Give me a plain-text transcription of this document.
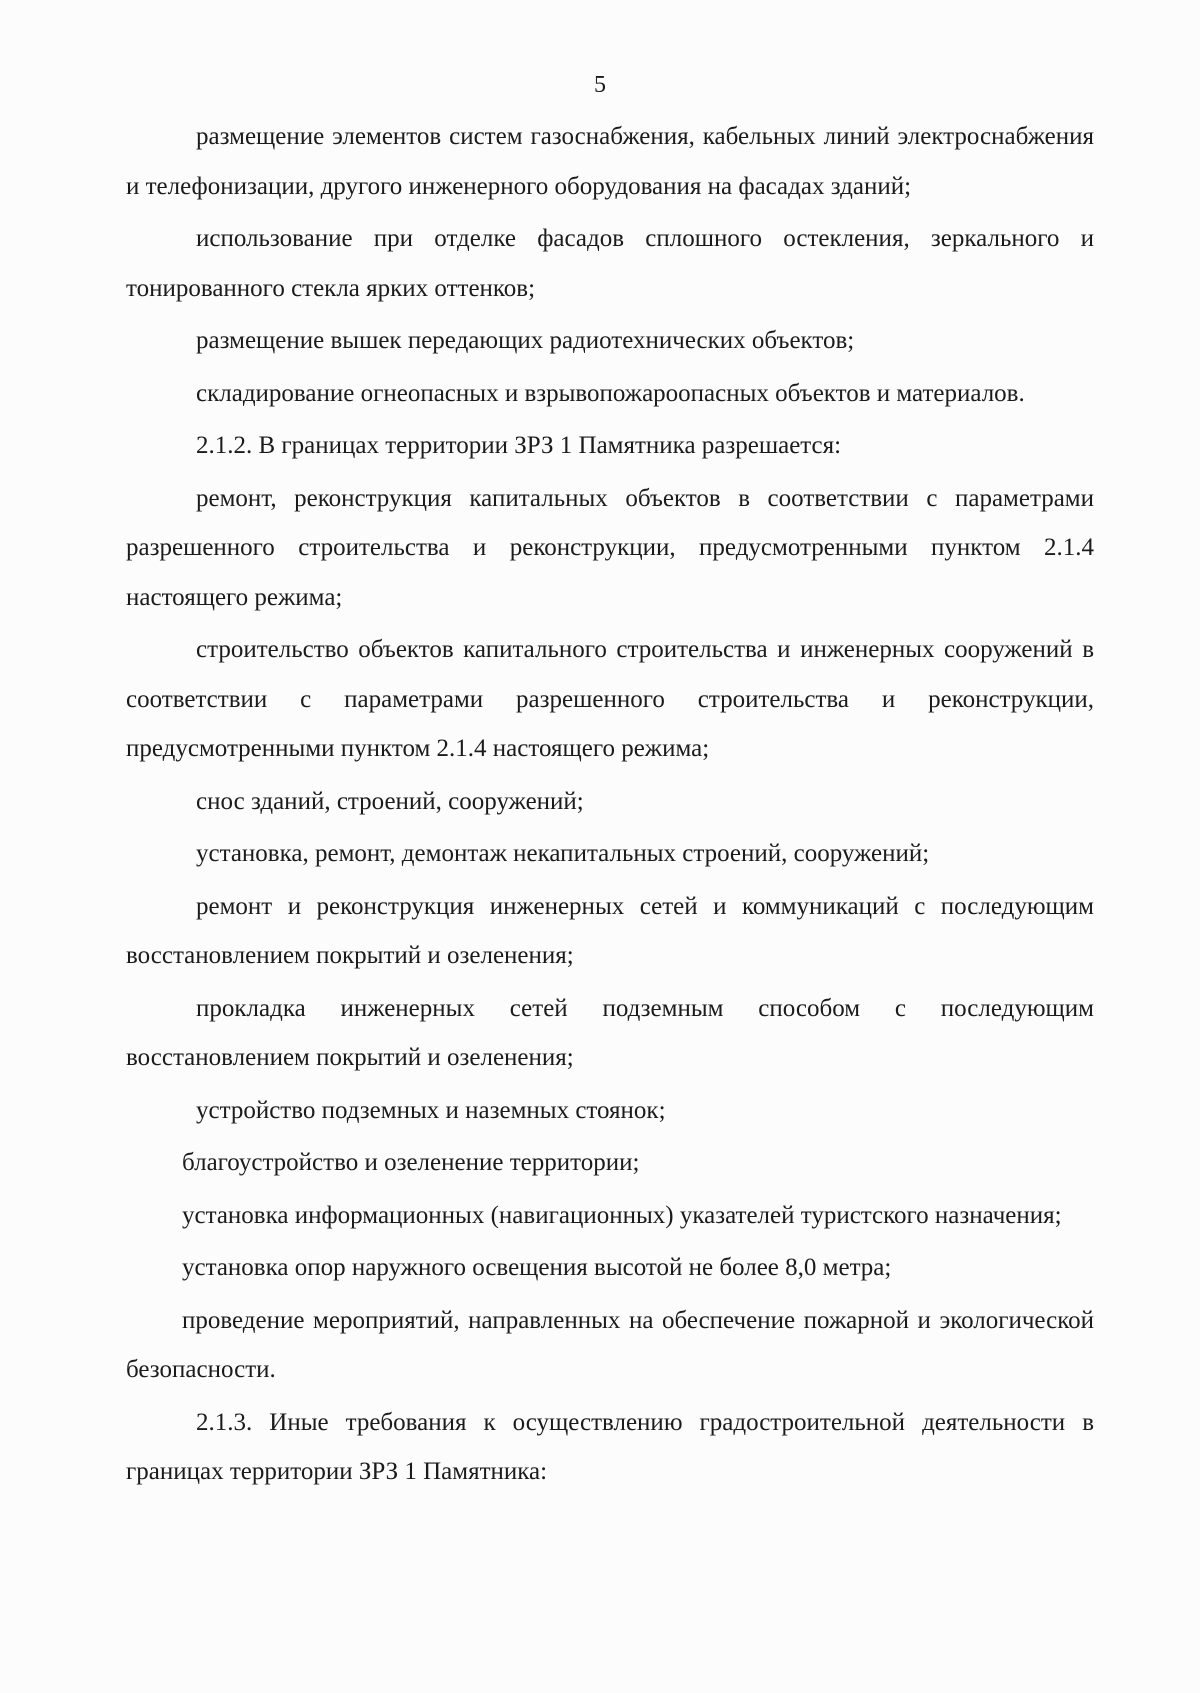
5

размещение элементов систем газоснабжения, кабельных линий электроснабжения и телефонизации, другого инженерного оборудования на фасадах зданий;

использование при отделке фасадов сплошного остекления, зеркального и тонированного стекла ярких оттенков;

размещение вышек передающих радиотехнических объектов;

складирование огнеопасных и взрывопожароопасных объектов и материалов.

2.1.2. В границах территории ЗРЗ 1 Памятника разрешается:

ремонт, реконструкция капитальных объектов в соответствии с параметрами разрешенного строительства и реконструкции, предусмотренными пунктом 2.1.4 настоящего режима;

строительство объектов капитального строительства и инженерных сооружений в соответствии с параметрами разрешенного строительства и реконструкции, предусмотренными пунктом 2.1.4 настоящего режима;

снос зданий, строений, сооружений;

установка, ремонт, демонтаж некапитальных строений, сооружений;

ремонт и реконструкция инженерных сетей и коммуникаций с последующим восстановлением покрытий и озеленения;

прокладка инженерных сетей подземным способом с последующим восстановлением покрытий и озеленения;

устройство подземных и наземных стоянок;

благоустройство и озеленение территории;

установка информационных (навигационных) указателей туристского назначения;

установка опор наружного освещения высотой не более 8,0 метра;

проведение мероприятий, направленных на обеспечение пожарной и экологической безопасности.

2.1.3. Иные требования к осуществлению градостроительной деятельности в границах территории ЗРЗ 1 Памятника:
